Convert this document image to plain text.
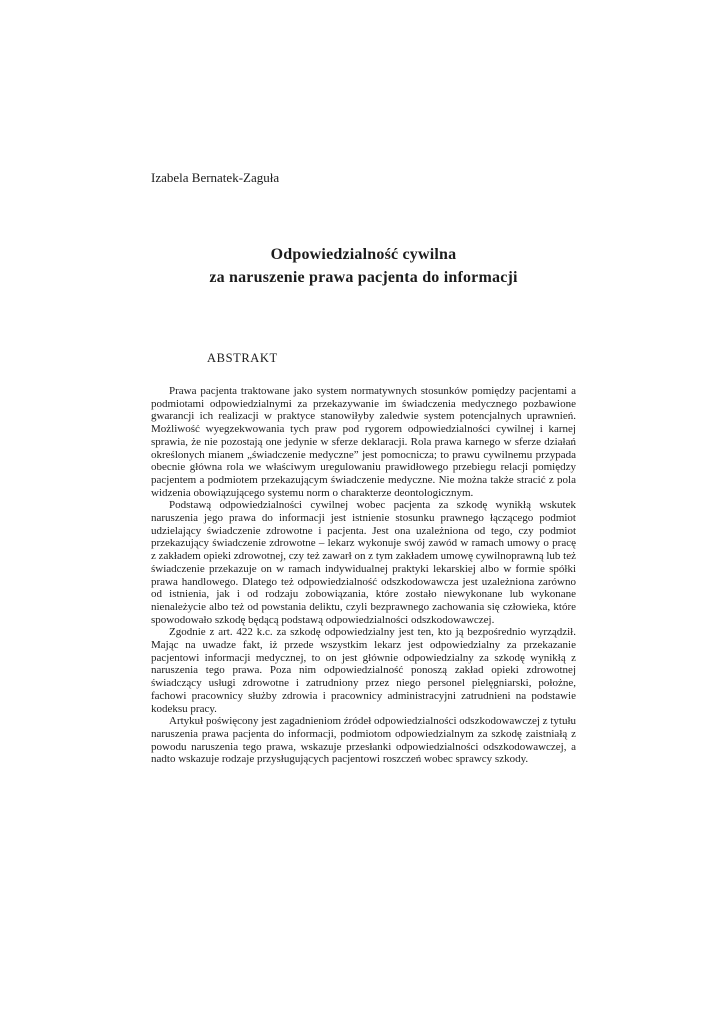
Izabela Bernatek-Zaguła
Odpowiedzialność cywilna
za naruszenie prawa pacjenta do informacji
ABSTRAKT

Prawa pacjenta traktowane jako system normatywnych stosunków pomiędzy pacjentami a podmiotami odpowiedzialnymi za przekazywanie im świadczenia medycznego pozbawione gwarancji ich realizacji w praktyce stanowiłyby zaledwie system potencjalnych uprawnień. Możliwość wyegzekwowania tych praw pod rygorem odpowiedzialności cywilnej i karnej sprawia, że nie pozostają one jedynie w sferze deklaracji. Rola prawa karnego w sferze działań określonych mianem „świadczenie medyczne” jest pomocnicza; to prawu cywilnemu przypada obecnie główna rola we właściwym uregulowaniu prawidłowego przebiegu relacji pomiędzy pacjentem a podmiotem przekazującym świadczenie medyczne. Nie można także stracić z pola widzenia obowiązującego systemu norm o charakterze deontologicznym.

Podstawą odpowiedzialności cywilnej wobec pacjenta za szkodę wynikłą wskutek naruszenia jego prawa do informacji jest istnienie stosunku prawnego łączącego podmiot udzielający świadczenie zdrowotne i pacjenta. Jest ona uzależniona od tego, czy podmiot przekazujący świadczenie zdrowotne – lekarz wykonuje swój zawód w ramach umowy o pracę z zakładem opieki zdrowotnej, czy też zawarł on z tym zakładem umowę cywilnoprawną lub też świadczenie przekazuje on w ramach indywidualnej praktyki lekarskiej albo w formie spółki prawa handlowego. Dlatego też odpowiedzialność odszkodowawcza jest uzależniona zarówno od istnienia, jak i od rodzaju zobowiązania, które zostało niewykonane lub wykonane nienależycie albo też od powstania deliktu, czyli bezprawnego zachowania się człowieka, które spowodowało szkodę będącą podstawą odpowiedzialności odszkodowawczej.

Zgodnie z art. 422 k.c. za szkodę odpowiedzialny jest ten, kto ją bezpośrednio wyrządził. Mając na uwadze fakt, iż przede wszystkim lekarz jest odpowiedzialny za przekazanie pacjentowi informacji medycznej, to on jest głównie odpowiedzialny za szkodę wynikłą z naruszenia tego prawa. Poza nim odpowiedzialność ponoszą zakład opieki zdrowotnej świadczący usługi zdrowotne i zatrudniony przez niego personel pielęgniarski, położne, fachowi pracownicy służby zdrowia i pracownicy administracyjni zatrudnieni na podstawie kodeksu pracy.

Artykuł poświęcony jest zagadnieniom źródeł odpowiedzialności odszkodowawczej z tytułu naruszenia prawa pacjenta do informacji, podmiotom odpowiedzialnym za szkodę zaistniałą z powodu naruszenia tego prawa, wskazuje przesłanki odpowiedzialności odszkodowawczej, a nadto wskazuje rodzaje przysługujących pacjentowi roszczeń wobec sprawcy szkody.
